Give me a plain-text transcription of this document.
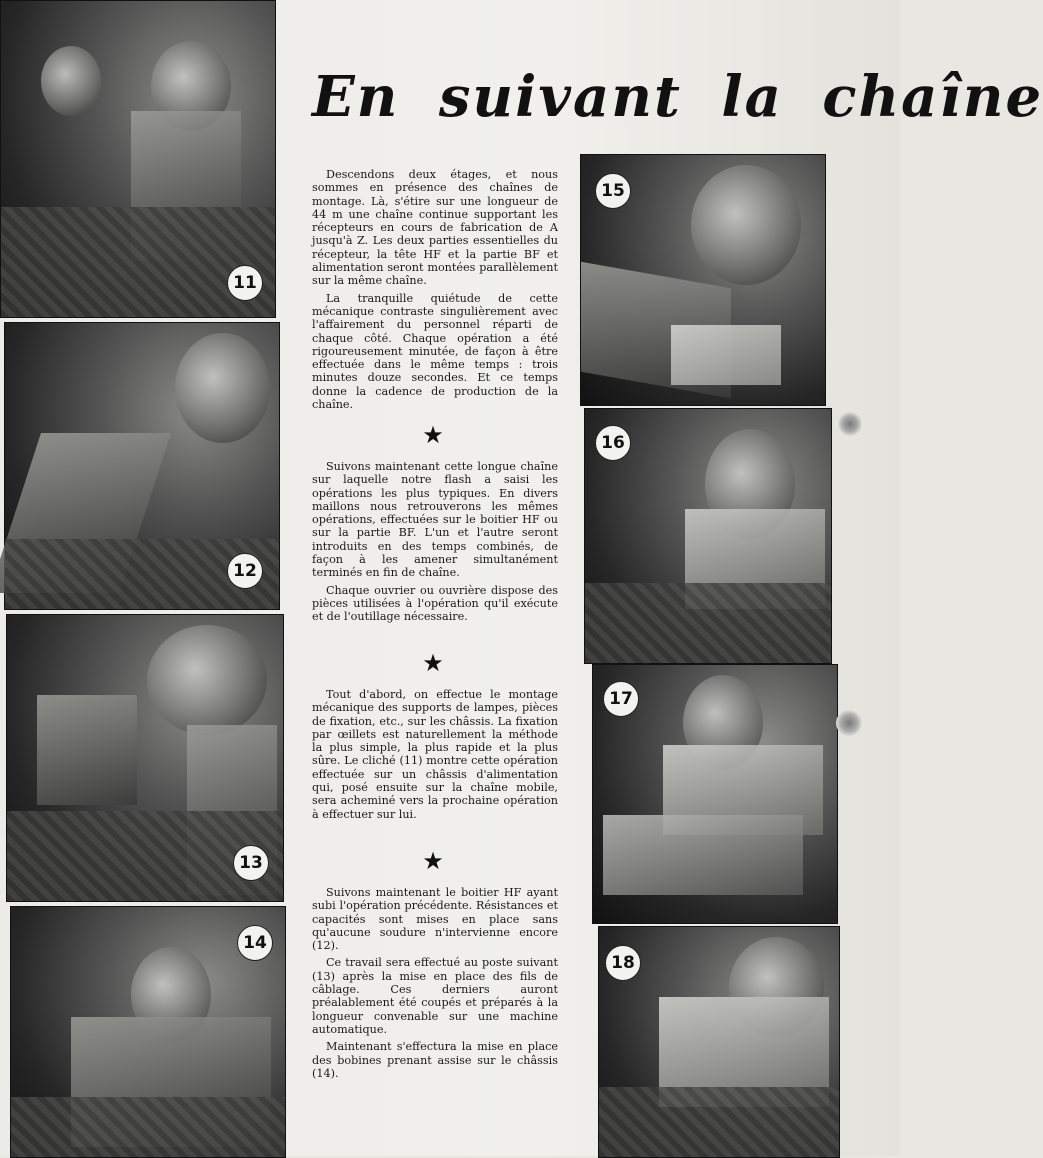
11
12
13
14
En suivant la chaîne

Descendons deux étages, et nous sommes en présence des chaînes de montage. Là, s'étire sur une longueur de 44 m une chaîne continue supportant les récepteurs en cours de fabrication de A jusqu'à Z. Les deux parties essentielles du récepteur, la tête HF et la partie BF et alimentation seront montées parallèlement sur la même chaîne.

La tranquille quiétude de cette mécanique contraste singulièrement avec l'affairement du personnel réparti de chaque côté. Chaque opération a été rigoureusement minutée, de façon à être effectuée dans le même temps : trois minutes douze secondes. Et ce temps donne la cadence de production de la chaîne.

★

Suivons maintenant cette longue chaîne sur laquelle notre flash a saisi les opérations les plus typiques. En divers maillons nous retrouverons les mêmes opérations, effectuées sur le boitier HF ou sur la partie BF. L'un et l'autre seront introduits en des temps combinés, de façon à les amener simultanément terminés en fin de chaîne.

Chaque ouvrier ou ouvrière dispose des pièces utilisées à l'opération qu'il exécute et de l'outillage nécessaire.

★

Tout d'abord, on effectue le montage mécanique des supports de lampes, pièces de fixation, etc., sur les châssis. La fixation par œillets est naturellement la méthode la plus simple, la plus rapide et la plus sûre. Le cliché (11) montre cette opération effectuée sur un châssis d'alimentation qui, posé ensuite sur la chaîne mobile, sera acheminé vers la prochaine opération à effectuer sur lui.

★

Suivons maintenant le boitier HF ayant subi l'opération précédente. Résistances et capacités sont mises en place sans qu'aucune soudure n'intervienne encore (12).

Ce travail sera effectué au poste suivant (13) après la mise en place des fils de câblage. Ces derniers auront préalablement été coupés et préparés à la longueur convenable sur une machine automatique.

Maintenant s'effectura la mise en place des bobines prenant assise sur le châssis (14).

15
16
17
18
